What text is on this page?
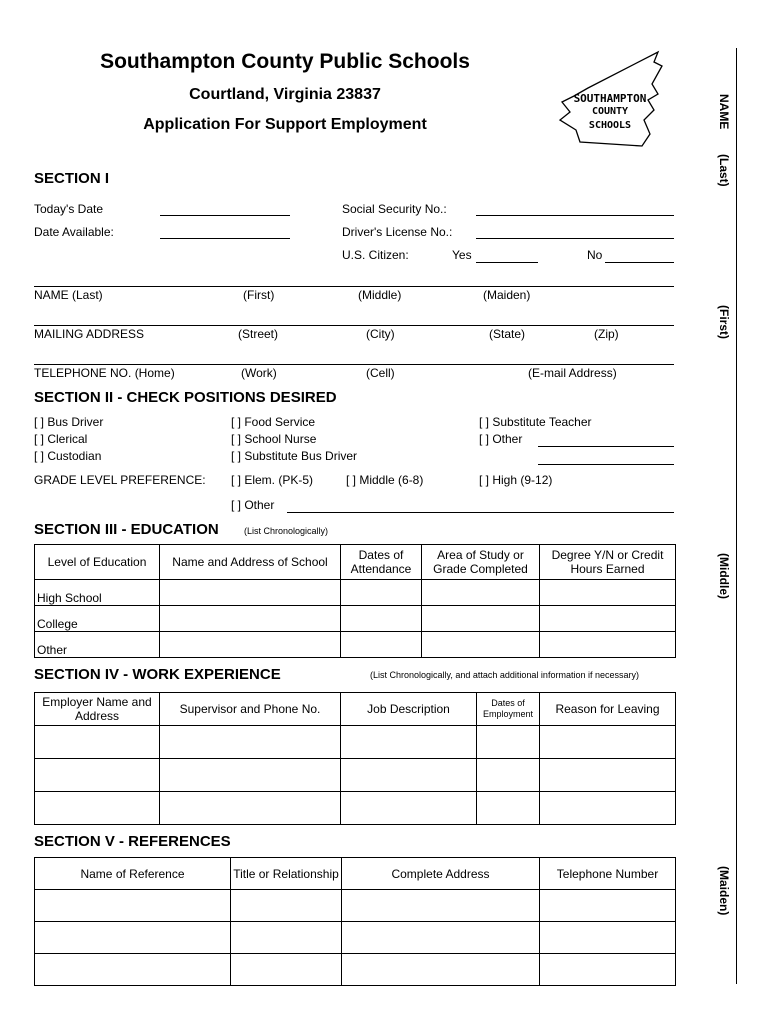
Southampton County Public Schools
Courtland, Virginia 23837
Application For Support Employment
SOUTHAMPTON
COUNTY
SCHOOLS	NAME
(Last)
(First)
(Middle)
(Maiden)
SECTION I
Today's Date
Date Available:
Social Security No.:
Driver's License No.:
U.S. Citizen:	Yes	No
NAME (Last)	(First)	(Middle)	(Maiden)
MAILING ADDRESS	(Street)	(City)	(State)	(Zip)
TELEPHONE NO. (Home)	(Work)	(Cell)	(E-mail Address)
SECTION II - CHECK POSITIONS DESIRED
[ ] Bus Driver
[ ] Clerical
[ ] Custodian
[ ] Food Service
[ ] School Nurse
[ ] Substitute Bus Driver
[ ] Substitute Teacher
[ ] Other
GRADE LEVEL PREFERENCE: [ ] Elem. (PK-5)	[ ] Middle (6-8)	[ ] High (9-12)
[ ] Other
SECTION III - EDUCATION	(List Chronologically)
Level of Education	Name and Address of School	Dates of Attendance	Area of Study or Grade Completed	Degree Y/N or Credit Hours Earned
High School				
College				
Other				
SECTION IV - WORK EXPERIENCE	(List Chronologically, and attach additional information if necessary)
Employer Name and Address	Supervisor and Phone No.	Job Description	Dates of Employment	Reason for Leaving

SECTION V - REFERENCES
Name of Reference	Title or Relationship	Complete Address	Telephone Number
